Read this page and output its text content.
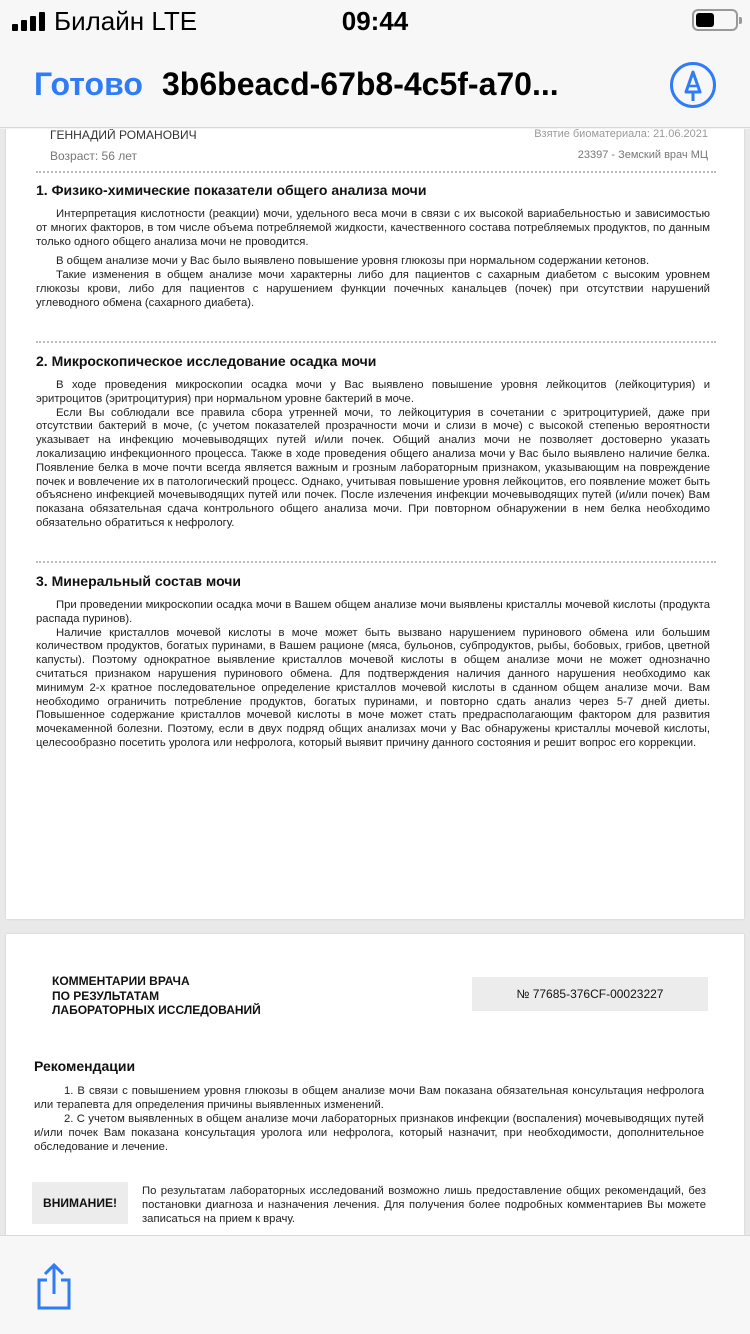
Билайн LTE	09:44
Готово 3b6beacd-67b8-4c5f-a70...
ГЕННАДИЙ РОМАНОВИЧ
Возраст: 56 лет
Взятие биоматериала: 21.06.2021
23397 - Земский врач МЦ
1. Физико-химические показатели общего анализа мочи

Интерпретация кислотности (реакции) мочи, удельного веса мочи в связи с их высокой вариабельностью и зависимостью от многих факторов, в том числе объема потребляемой жидкости, качественного состава потребляемых продуктов, по данным только одного общего анализа мочи не проводится.

В общем анализе мочи у Вас было выявлено повышение уровня глюкозы при нормальном содержании кетонов.

Такие изменения в общем анализе мочи характерны либо для пациентов с сахарным диабетом с высоким уровнем глюкозы крови, либо для пациентов с нарушением функции почечных канальцев (почек) при отсутствии нарушений углеводного обмена (сахарного диабета).

2. Микроскопическое исследование осадка мочи

В ходе проведения микроскопии осадка мочи у Вас выявлено повышение уровня лейкоцитов (лейкоцитурия) и эритроцитов (эритроцитурия) при нормальном уровне бактерий в моче.

Если Вы соблюдали все правила сбора утренней мочи, то лейкоцитурия в сочетании с эритроцитурией, даже при отсутствии бактерий в моче, (с учетом показателей прозрачности мочи и слизи в моче) с высокой степенью вероятности указывает на инфекцию мочевыводящих путей и/или почек. Общий анализ мочи не позволяет достоверно указать локализацию инфекционного процесса. Также в ходе проведения общего анализа мочи у Вас было выявлено наличие белка. Появление белка в моче почти всегда является важным и грозным лабораторным признаком, указывающим на повреждение почек и вовлечение их в патологический процесс. Однако, учитывая повышение уровня лейкоцитов, его появление может быть объяснено инфекцией мочевыводящих путей или почек. После излечения инфекции мочевыводящих путей (и/или почек) Вам показана обязательная сдача контрольного общего анализа мочи. При повторном обнаружении в нем белка необходимо обязательно обратиться к нефрологу.

3. Минеральный состав мочи

При проведении микроскопии осадка мочи в Вашем общем анализе мочи выявлены кристаллы мочевой кислоты (продукта распада пуринов).

Наличие кристаллов мочевой кислоты в моче может быть вызвано нарушением пуринового обмена или большим количеством продуктов, богатых пуринами, в Вашем рационе (мяса, бульонов, субпродуктов, рыбы, бобовых, грибов, цветной капусты). Поэтому однократное выявление кристаллов мочевой кислоты в общем анализе мочи не может однозначно считаться признаком нарушения пуринового обмена. Для подтверждения наличия данного нарушения необходимо как минимум 2-х кратное последовательное определение кристаллов мочевой кислоты в сданном общем анализе мочи. Вам необходимо ограничить потребление продуктов, богатых пуринами, и повторно сдать анализ через 5-7 дней диеты. Повышенное содержание кристаллов мочевой кислоты в моче может стать предрасполагающим фактором для развития мочекаменной болезни. Поэтому, если в двух подряд общих анализах мочи у Вас обнаружены кристаллы мочевой кислоты, целесообразно посетить уролога или нефролога, который выявит причину данного состояния и решит вопрос его коррекции.

КОММЕНТАРИИ ВРАЧА
ПО РЕЗУЛЬТАТАМ
ЛАБОРАТОРНЫХ ИССЛЕДОВАНИЙ
№ 77685-376CF-00023227
Рекомендации

1. В связи с повышением уровня глюкозы в общем анализе мочи Вам показана обязательная консультация нефролога или терапевта для определения причины выявленных изменений.

2. С учетом выявленных в общем анализе мочи лабораторных признаков инфекции (воспаления) мочевыводящих путей и/или почек Вам показана консультация уролога или нефролога, который назначит, при необходимости, дополнительное обследование и лечение.

ВНИМАНИЕ!
По результатам лабораторных исследований возможно лишь предоставление общих рекомендаций, без постановки диагноза и назначения лечения. Для получения более подробных комментариев Вы можете записаться на прием к врачу.
